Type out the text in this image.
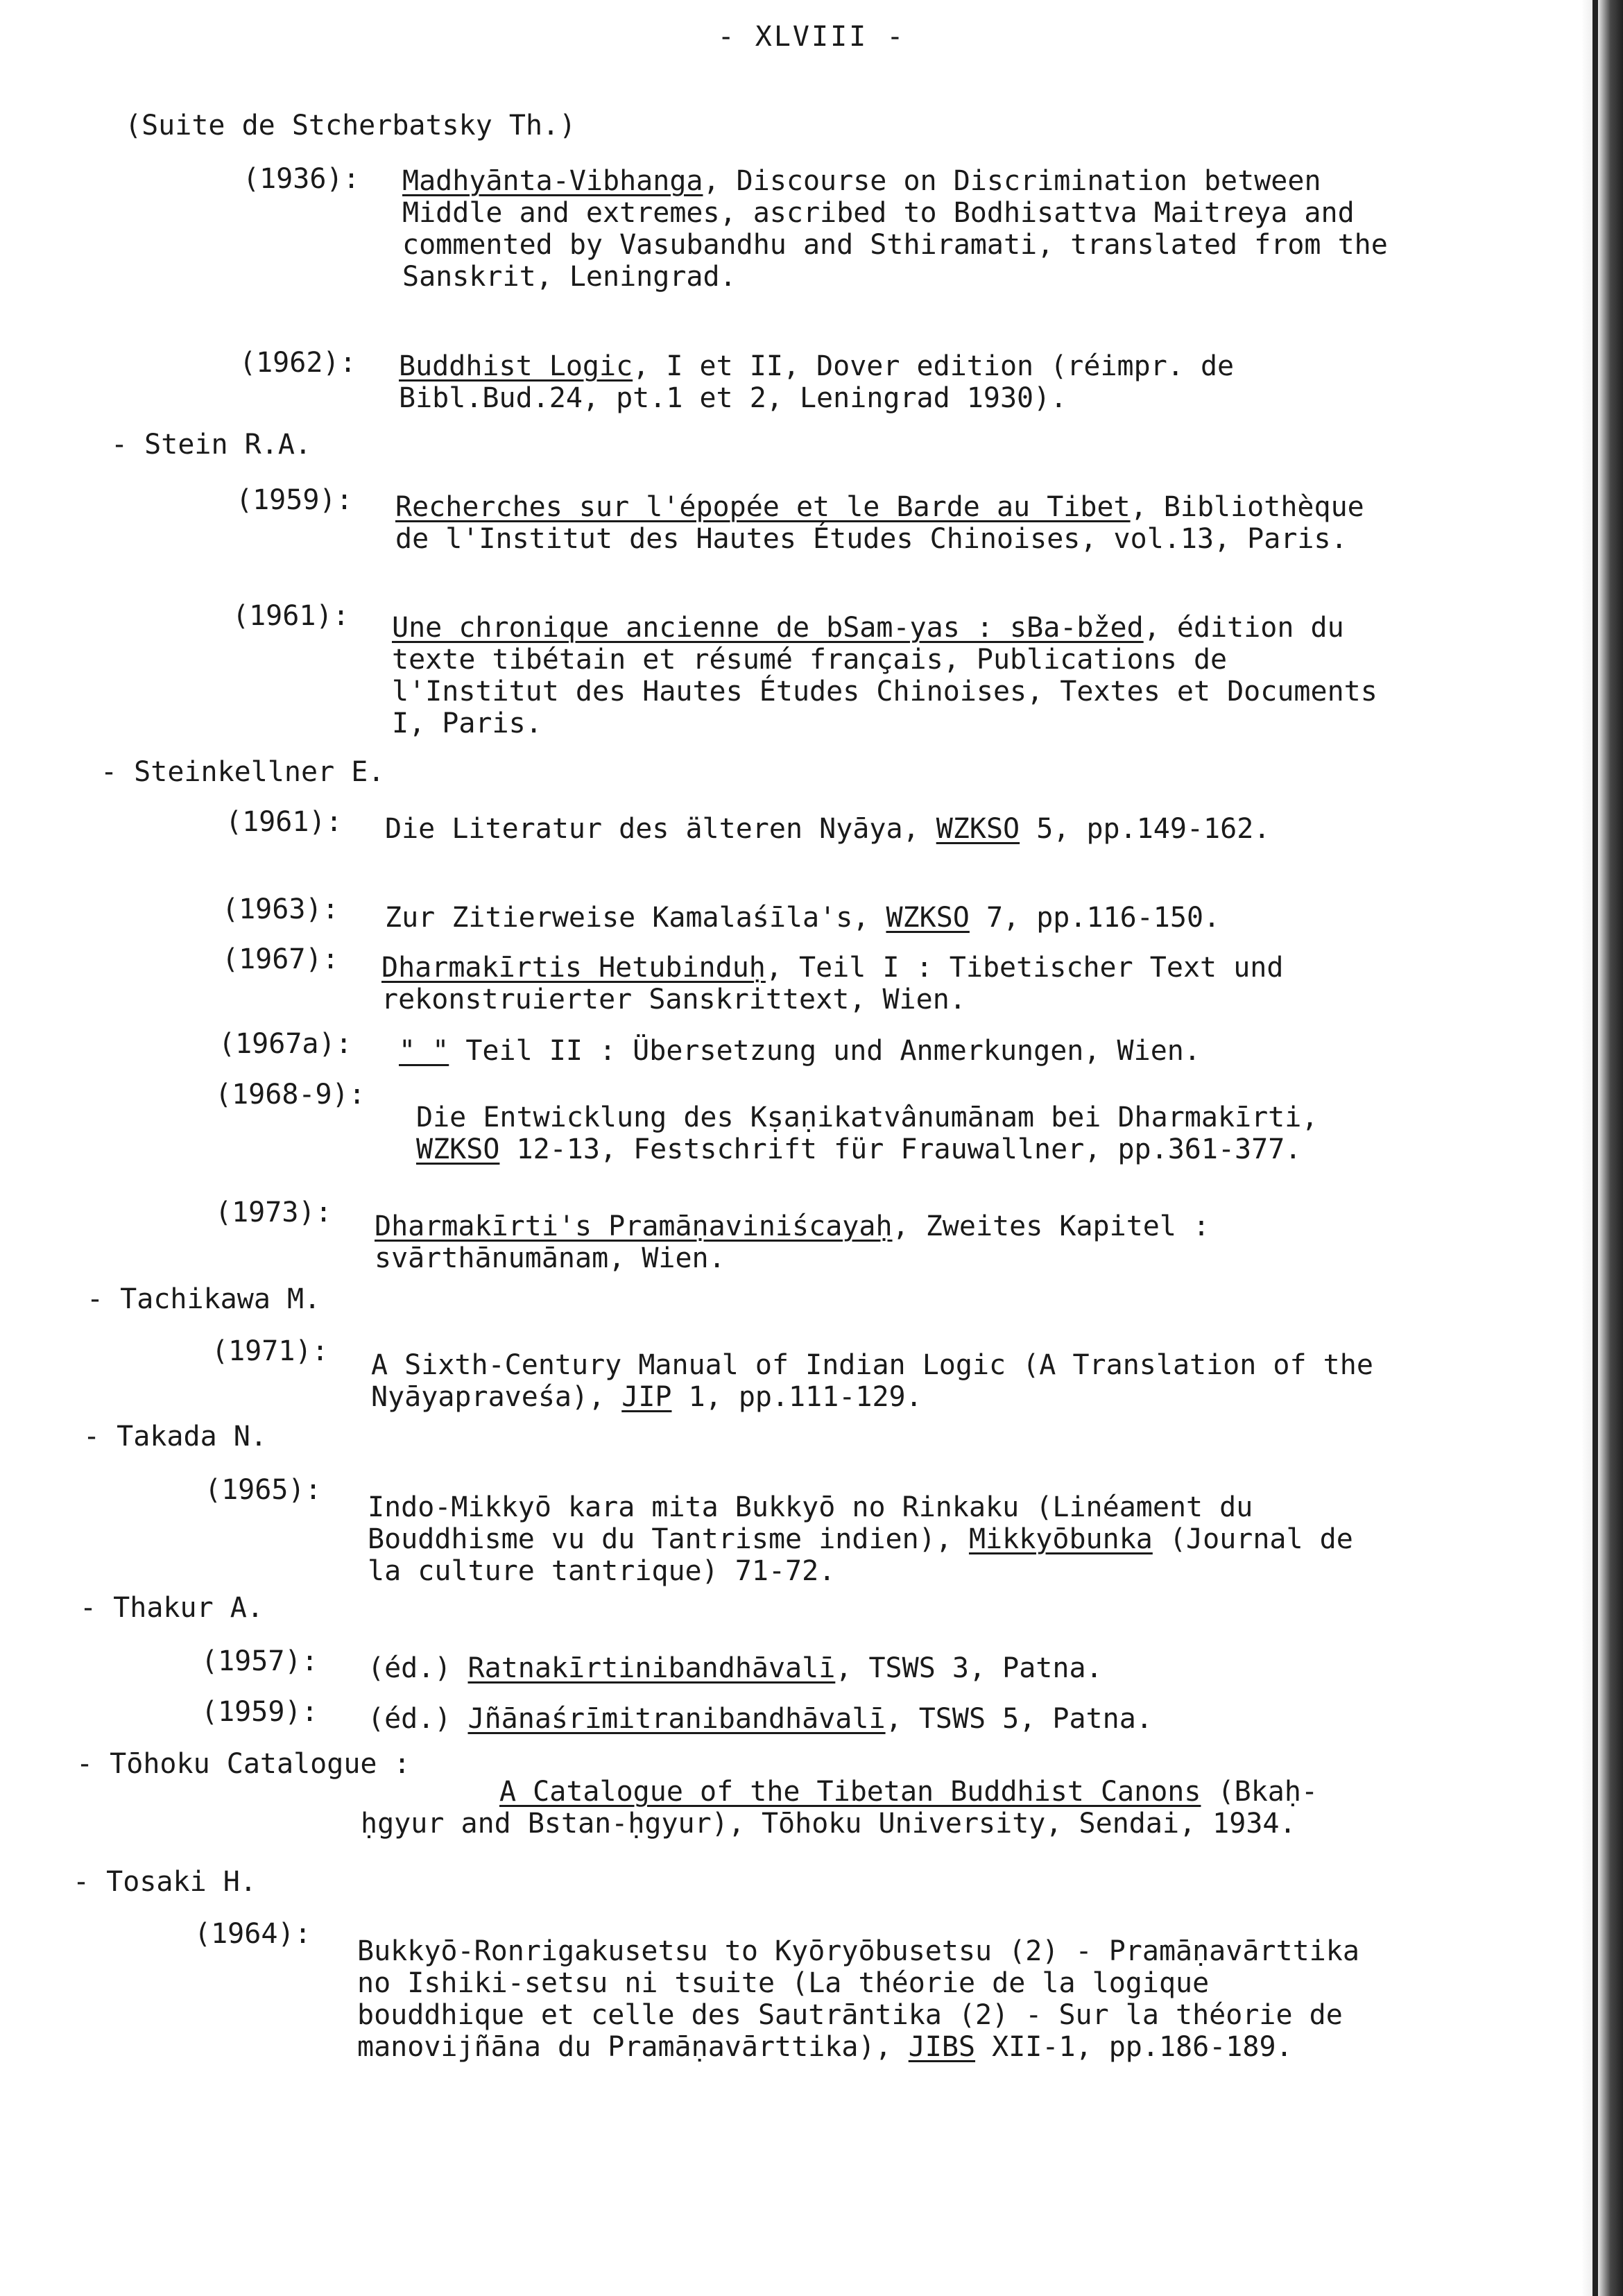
- XLVIII -
(Suite de Stcherbatsky Th.)
(1936): Madhyānta-Vibhanga, Discourse on Discrimination between Middle and extremes, ascribed to Bodhisattva Maitreya and commented by Vasubandhu and Sthiramati, translated from the Sanskrit, Leningrad.
(1962): Buddhist Logic, I et II, Dover edition (réimpr. de Bibl.Bud.24, pt.1 et 2, Leningrad 1930).
- Stein R.A.
(1959): Recherches sur l'épopée et le Barde au Tibet, Bibliothèque de l'Institut des Hautes Études Chinoises, vol.13, Paris.
(1961): Une chronique ancienne de bSam-yas : sBa-bžed, édition du texte tibétain et résumé français, Publications de l'Institut des Hautes Études Chinoises, Textes et Documents I, Paris.
- Steinkellner E.
(1961): Die Literatur des älteren Nyāya, WZKSO 5, pp.149-162.
(1963): Zur Zitierweise Kamalaśīla's, WZKSO 7, pp.116-150.
(1967): Dharmakīrtis Hetubinduḥ, Teil I : Tibetischer Text und rekonstruierter Sanskrittext, Wien.
(1967a): " " Teil II : Übersetzung und Anmerkungen, Wien.
(1968-9):
Die Entwicklung des Kṣaṇikatvânumānam bei Dharmakīrti, WZKSO 12-13, Festschrift für Frauwallner, pp.361-377.
(1973): Dharmakīrti's Pramāṇaviniścayaḥ, Zweites Kapitel : svārthānumānam, Wien.
- Tachikawa M.
(1971): A Sixth-Century Manual of Indian Logic (A Translation of the Nyāyapraveśa), JIP 1, pp.111-129.
- Takada N.
(1965):
Indo-Mikkyō kara mita Bukkyō no Rinkaku (Linéament du Bouddhisme vu du Tantrisme indien), Mikkyōbunka (Journal de la culture tantrique) 71-72.
- Thakur A.
(1957): (éd.) Ratnakīrtinibandhāvalī, TSWS 3, Patna.
(1959): (éd.) Jñānaśrīmitranibandhāvalī, TSWS 5, Patna.
- Tōhoku Catalogue :
A Catalogue of the Tibetan Buddhist Canons (Bkaḥ-ḥgyur and Bstan-ḥgyur), Tōhoku University, Sendai, 1934.
- Tosaki H.
(1964):
Bukkyō-Ronrigakusetsu to Kyōryōbusetsu (2) - Pramāṇavārttika no Ishiki-setsu ni tsuite (La théorie de la logique bouddhique et celle des Sautrāntika (2) - Sur la théorie de manovijñāna du Pramāṇavārttika), JIBS XII-1, pp.186-189.
